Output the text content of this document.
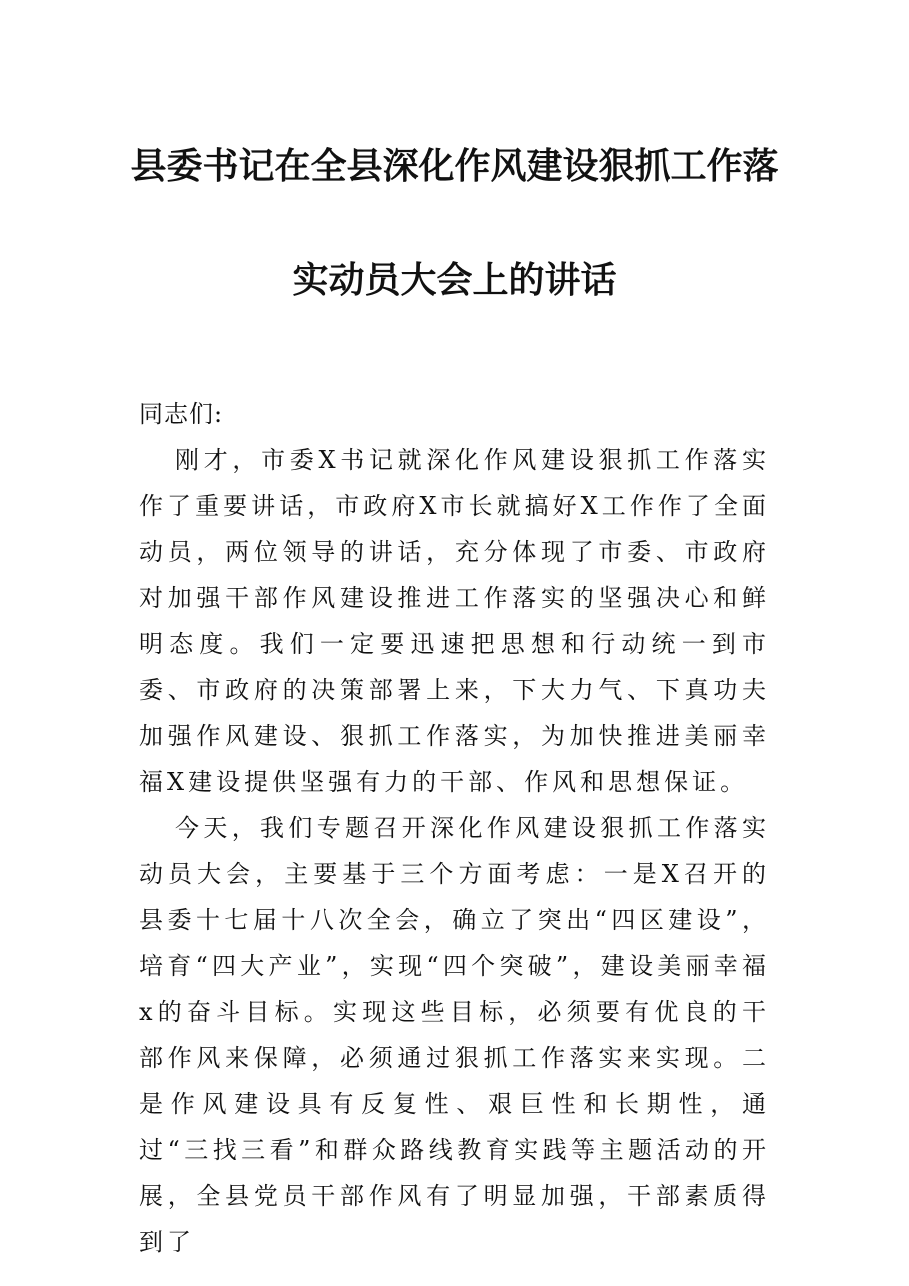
县委书记在全县深化作风建设狠抓工作落
实动员大会上的讲话

同志们:

刚才，市委X书记就深化作风建设狠抓工作落实作了重要讲话，市政府X市长就搞好X工作作了全面动员，两位领导的讲话，充分体现了市委、市政府对加强干部作风建设推进工作落实的坚强决心和鲜明态度。我们一定要迅速把思想和行动统一到市委、市政府的决策部署上来，下大力气、下真功夫加强作风建设、狠抓工作落实，为加快推进美丽幸福X建设提供坚强有力的干部、作风和思想保证。

今天，我们专题召开深化作风建设狠抓工作落实动员大会，主要基于三个方面考虑：一是X召开的县委十七届十八次全会，确立了突出“四区建设”，培育“四大产业”，实现“四个突破”，建设美丽幸福x的奋斗目标。实现这些目标，必须要有优良的干部作风来保障，必须通过狠抓工作落实来实现。二是作风建设具有反复性、艰巨性和长期性，通过“三找三看”和群众路线教育实践等主题活动的开展，全县党员干部作风有了明显加强，干部素质得到了
